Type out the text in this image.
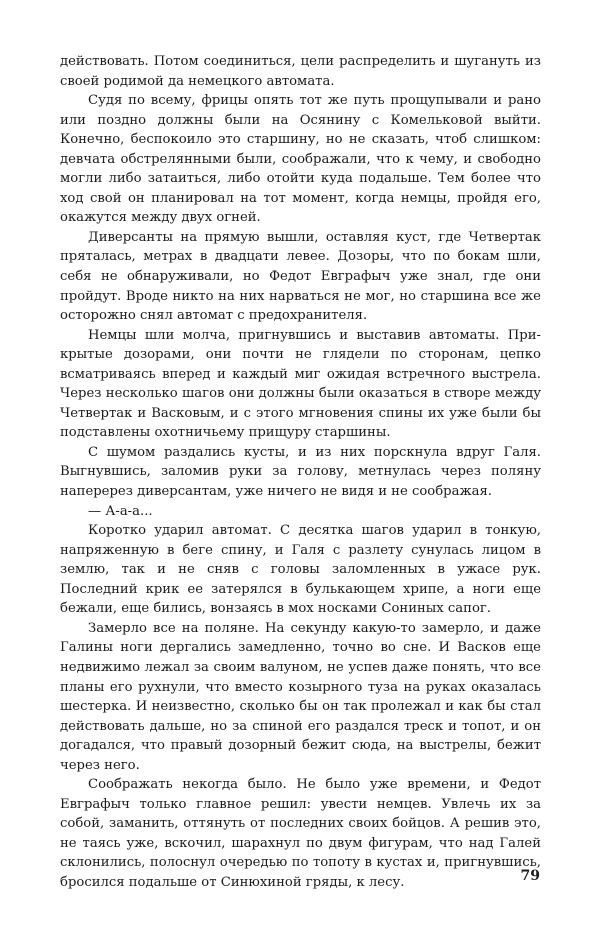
действовать. Потом соединиться, цели распределить и шугануть из своей родимой да немецкого автомата.

Судя по всему, фрицы опять тот же путь прощупывали и рано или поздно должны были на Осянину с Комельковой выйти. Конечно, беспокоило это старшину, но не сказать, чтоб слишком: девчата обстрелянными были, соображали, что к чему, и свободно могли либо затаиться, либо отойти куда подальше. Тем более что ход свой он планировал на тот момент, когда немцы, пройдя его, окажутся между двух огней.

Диверсанты на прямую вышли, оставляя куст, где Четвертак пряталась, метрах в двадцати левее. Дозоры, что по бокам шли, себя не обнаруживали, но Федот Евграфыч уже знал, где они пройдут. Вроде никто на них нарваться не мог, но старшина все же осторожно снял автомат с предохранителя.

Немцы шли молча, пригнувшись и выставив автоматы. Прикрытые дозорами, они почти не глядели по сторонам, цепко всматриваясь вперед и каждый миг ожидая встречного выстрела. Через несколько шагов они должны были оказаться в створе между Четвертак и Васковым, и с этого мгновения спины их уже были бы подставлены охотничьему прищуру старшины.

С шумом раздались кусты, и из них порскнула вдруг Галя. Выгнувшись, заломив руки за голову, метнулась через поляну наперерез диверсантам, уже ничего не видя и не соображая.

— А-а-а...

Коротко ударил автомат. С десятка шагов ударил в тонкую, напряженную в беге спину, и Галя с разлету сунулась лицом в землю, так и не сняв с головы заломленных в ужасе рук. Последний крик ее затерялся в булькающем хрипе, а ноги еще бежали, еще бились, вонзаясь в мох носками Сониных сапог.

Замерло все на поляне. На секунду какую-то замерло, и даже Галины ноги дергались замедленно, точно во сне. И Васков еще недвижимо лежал за своим валуном, не успев даже понять, что все планы его рухнули, что вместо козырного туза на руках оказалась шестерка. И неизвестно, сколько бы он так пролежал и как бы стал действовать дальше, но за спиной его раздался треск и топот, и он догадался, что правый дозорный бежит сюда, на выстрелы, бежит через него.

Соображать некогда было. Не было уже времени, и Федот Евграфыч только главное решил: увести немцев. Увлечь их за собой, заманить, оттянуть от последних своих бойцов. А решив это, не таясь уже, вскочил, шарахнул по двум фигурам, что над Галей склонились, полоснул очередью по топоту в кустах и, пригнувшись, бросился подальше от Синюхиной гряды, к лесу.	79
